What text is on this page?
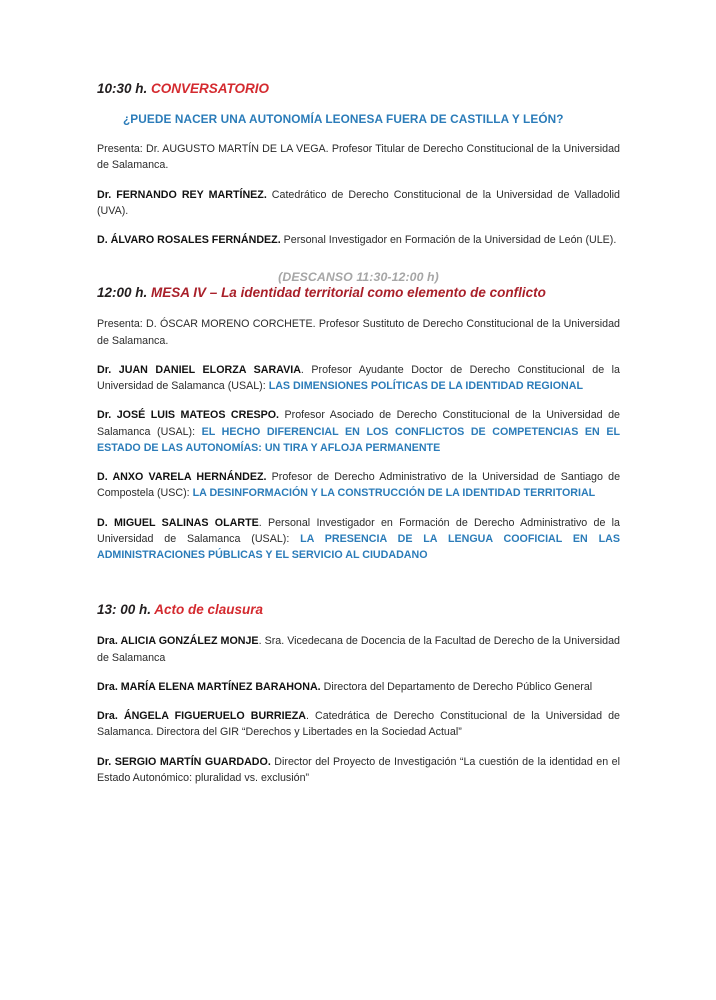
10:30 h. CONVERSATORIO

¿PUEDE NACER UNA AUTONOMÍA LEONESA FUERA DE CASTILLA Y LEÓN?

Presenta: Dr. AUGUSTO MARTÍN DE LA VEGA. Profesor Titular de Derecho Constitucional de la Universidad de Salamanca.

Dr. FERNANDO REY MARTÍNEZ. Catedrático de Derecho Constitucional de la Universidad de Valladolid (UVA).

D. ÁLVARO ROSALES FERNÁNDEZ. Personal Investigador en Formación de la Universidad de León (ULE).

(DESCANSO 11:30-12:00 h)

12:00 h. MESA IV – La identidad territorial como elemento de conflicto

Presenta: D. ÓSCAR MORENO CORCHETE. Profesor Sustituto de Derecho Constitucional de la Universidad de Salamanca.

Dr. JUAN DANIEL ELORZA SARAVIA. Profesor Ayudante Doctor de Derecho Constitucional de la Universidad de Salamanca (USAL): LAS DIMENSIONES POLÍTICAS DE LA IDENTIDAD REGIONAL

Dr. JOSÉ LUIS MATEOS CRESPO. Profesor Asociado de Derecho Constitucional de la Universidad de Salamanca (USAL): EL HECHO DIFERENCIAL EN LOS CONFLICTOS DE COMPETENCIAS EN EL ESTADO DE LAS AUTONOMÍAS: UN TIRA Y AFLOJA PERMANENTE

D. ANXO VARELA HERNÁNDEZ. Profesor de Derecho Administrativo de la Universidad de Santiago de Compostela (USC): LA DESINFORMACIÓN Y LA CONSTRUCCIÓN DE LA IDENTIDAD TERRITORIAL

D. MIGUEL SALINAS OLARTE. Personal Investigador en Formación de Derecho Administrativo de la Universidad de Salamanca (USAL): LA PRESENCIA DE LA LENGUA COOFICIAL EN LAS ADMINISTRACIONES PÚBLICAS Y EL SERVICIO AL CIUDADANO

13: 00 h. Acto de clausura

Dra. ALICIA GONZÁLEZ MONJE. Sra. Vicedecana de Docencia de la Facultad de Derecho de la Universidad de Salamanca

Dra. MARÍA ELENA MARTÍNEZ BARAHONA. Directora del Departamento de Derecho Público General

Dra. ÁNGELA FIGUERUELO BURRIEZA. Catedrática de Derecho Constitucional de la Universidad de Salamanca. Directora del GIR “Derechos y Libertades en la Sociedad Actual”

Dr. SERGIO MARTÍN GUARDADO. Director del Proyecto de Investigación “La cuestión de la identidad en el Estado Autonómico: pluralidad vs. exclusión”
